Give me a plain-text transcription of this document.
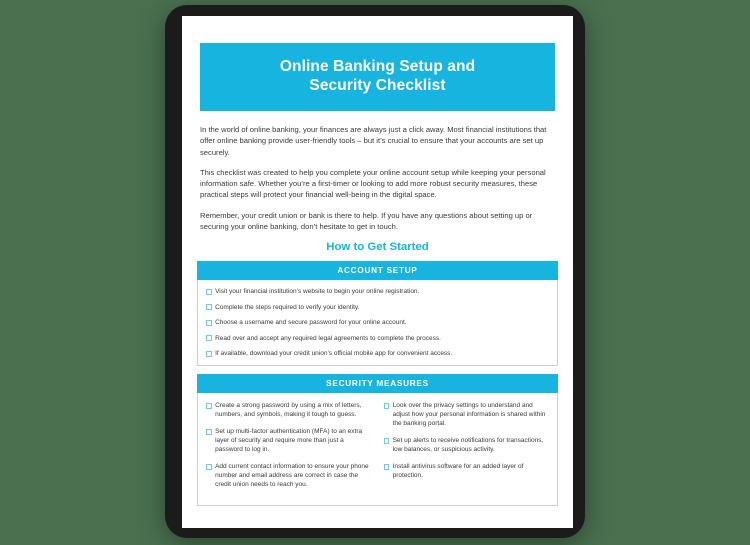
Online Banking Setup and
Security Checklist

In the world of online banking, your finances are always just a click away. Most financial institutions that offer online banking provide user-friendly tools – but it’s crucial to ensure that your accounts are set up securely.

This checklist was created to help you complete your online account setup while keeping your personal information safe. Whether you’re a first-timer or looking to add more robust security measures, these practical steps will protect your financial well-being in the digital space.

Remember, your credit union or bank is there to help. If you have any questions about setting up or securing your online banking, don’t hesitate to get in touch.

How to Get Started
ACCOUNT SETUP
Visit your financial institution’s website to begin your online registration.
Complete the steps required to verify your identity.
Choose a username and secure password for your online account.
Read over and accept any required legal agreements to complete the process.
If available, download your credit union’s official mobile app for convenient access.
SECURITY MEASURES
Create a strong password by using a mix of letters, numbers, and symbols, making it tough to guess.
Set up multi-factor authentication (MFA) to an extra layer of security and require more than just a password to log in.
Add current contact information to ensure your phone number and email address are correct in case the credit union needs to reach you.
Look over the privacy settings to understand and adjust how your personal information is shared within the banking portal.
Set up alerts to receive notifications for transactions, low balances, or suspicious activity.
Install antivirus software for an added layer of protection.
